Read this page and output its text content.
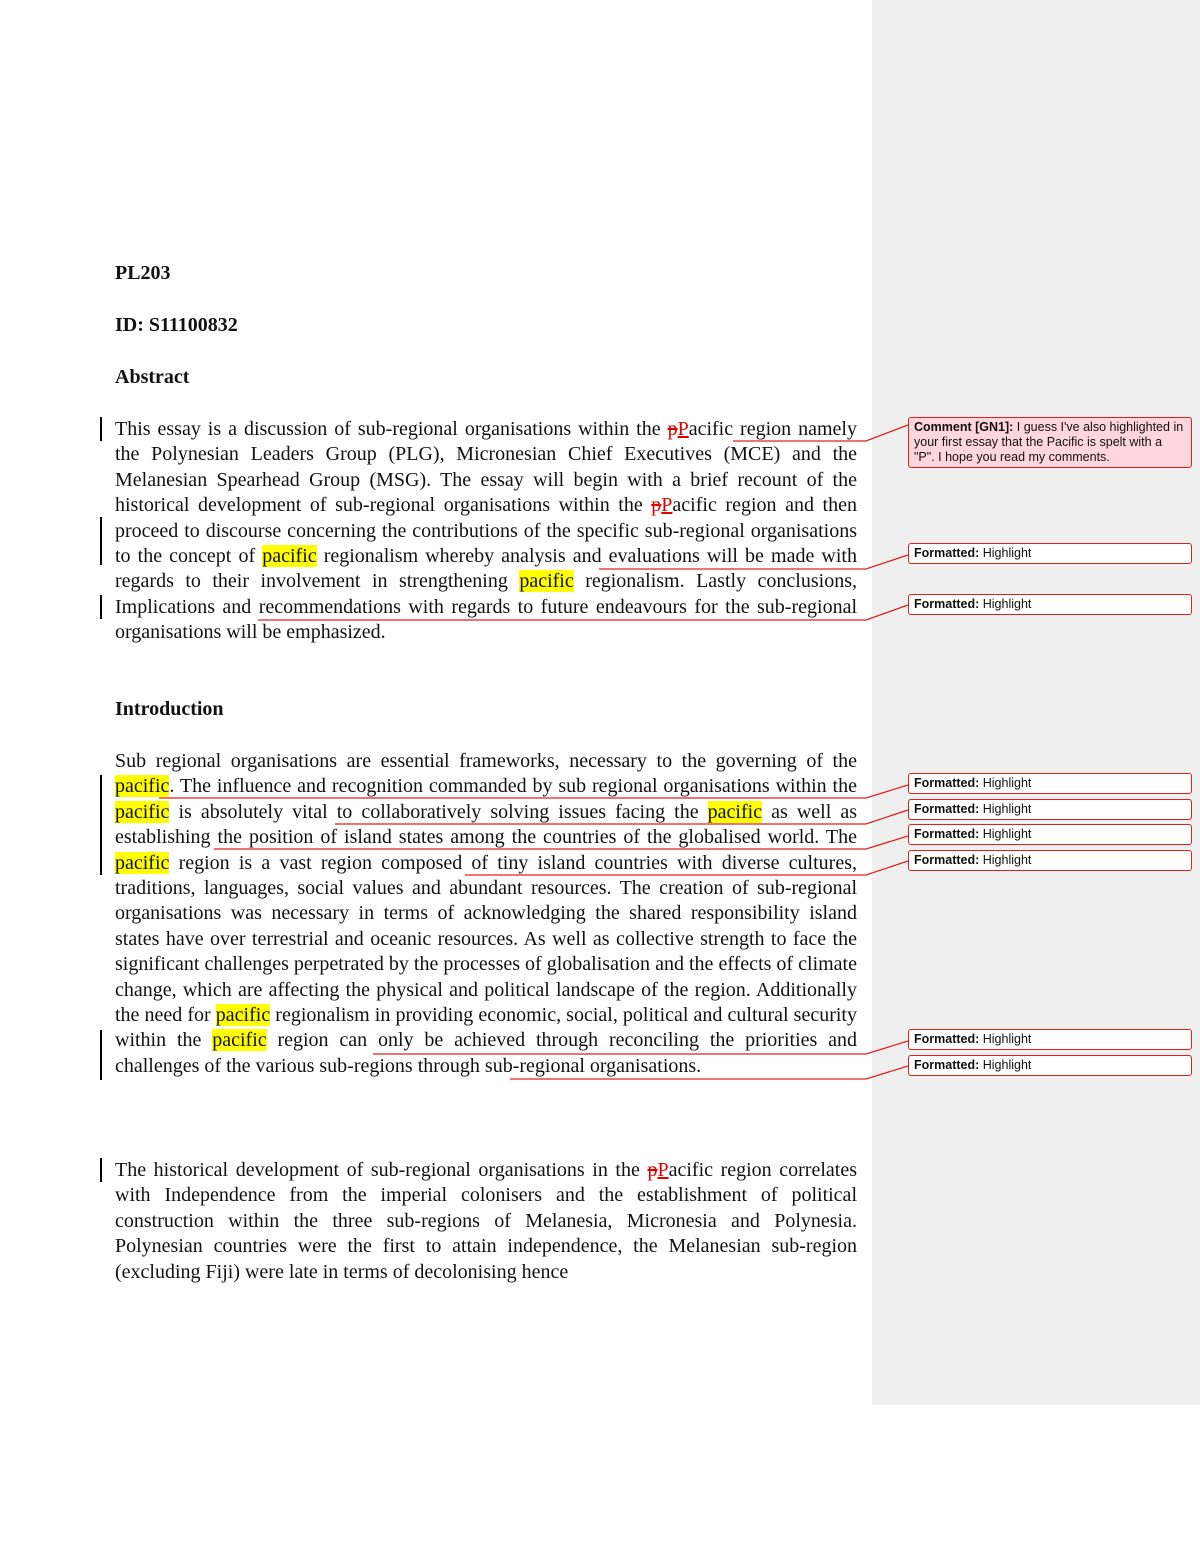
Comment [GN1]: I guess I've also highlighted in your first essay that the Pacific is spelt with a "P". I hope you read my comments.
Formatted: Highlight
Formatted: Highlight
Formatted: Highlight
Formatted: Highlight
Formatted: Highlight
Formatted: Highlight
Formatted: Highlight
Formatted: Highlight
PL203
ID: S11100832
Abstract
This essay is a discussion of sub-regional organisations within the pPacific region namely the Polynesian Leaders Group (PLG), Micronesian Chief Executives (MCE) and the Melanesian Spearhead Group (MSG). The essay will begin with a brief recount of the historical development of sub-regional organisations within the pPacific region and then proceed to discourse concerning the contributions of the specific sub-regional organisations to the concept of pacific regionalism whereby analysis and evaluations will be made with regards to their involvement in strengthening pacific regionalism. Lastly conclusions, Implications and recommendations with regards to future endeavours for the sub-regional organisations will be emphasized.
Introduction
Sub regional organisations are essential frameworks, necessary to the governing of the pacific. The influence and recognition commanded by sub regional organisations within the pacific is absolutely vital to collaboratively solving issues facing the pacific as well as establishing the position of island states among the countries of the globalised world. The pacific region is a vast region composed of tiny island countries with diverse cultures, traditions, languages, social values and abundant resources. The creation of sub-regional organisations was necessary in terms of acknowledging the shared responsibility island states have over terrestrial and oceanic resources. As well as collective strength to face the significant challenges perpetrated by the processes of globalisation and the effects of climate change, which are affecting the physical and political landscape of the region. Additionally the need for pacific regionalism in providing economic, social, political and cultural security within the pacific region can only be achieved through reconciling the priorities and challenges of the various sub-regions through sub-regional organisations.
The historical development of sub-regional organisations in the pPacific region correlates with Independence from the imperial colonisers and the establishment of political construction within the three sub-regions of Melanesia, Micronesia and Polynesia. Polynesian countries were the first to attain independence, the Melanesian sub-region (excluding Fiji) were late in terms of decolonising hence
